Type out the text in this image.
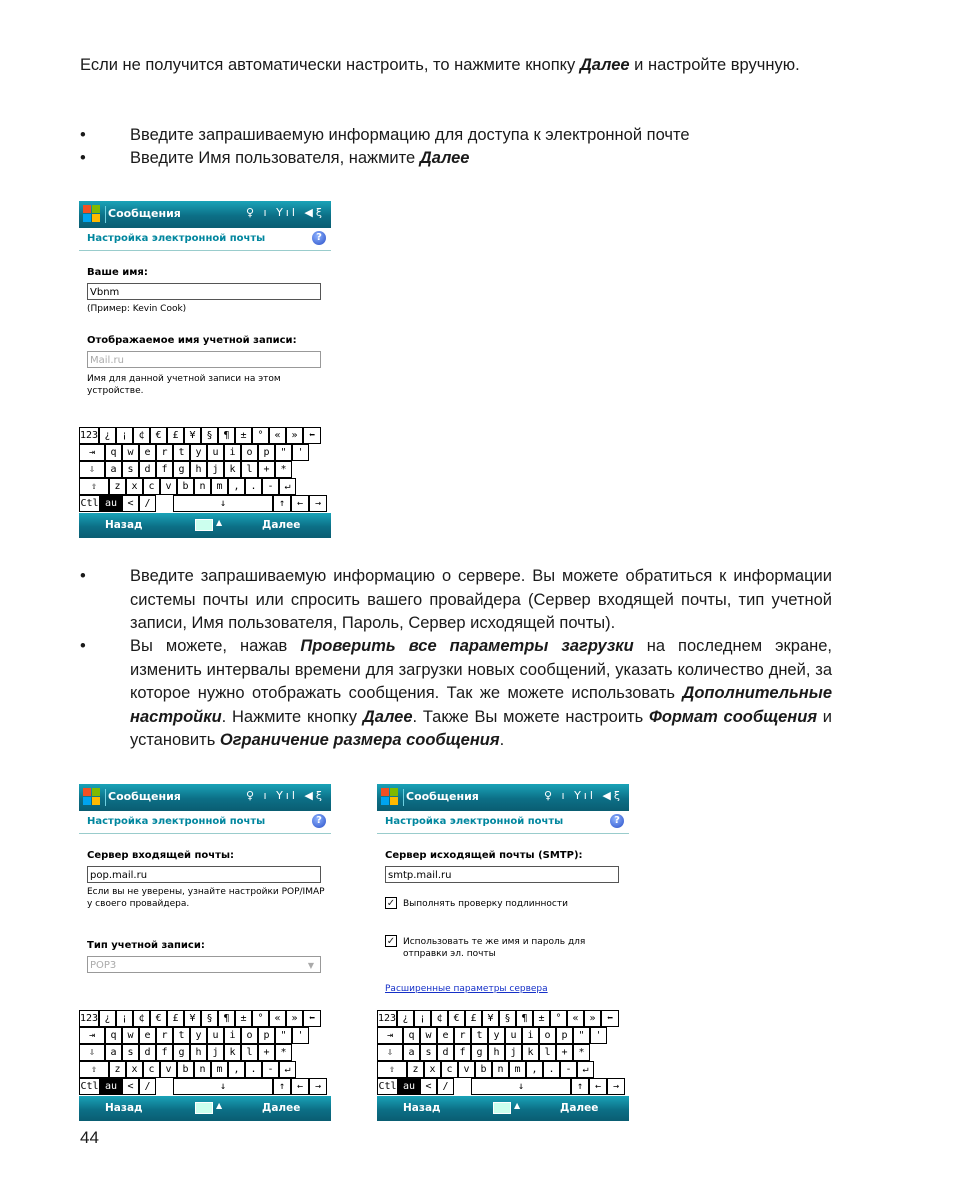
Если не получится автоматически настроить, то нажмите кнопку Далее и настройте вручную.
•	Введите запрашиваемую информацию для доступа к электронной почте
•	Введите Имя пользователя, нажмите Далее
Сообщения	♀ ı Yıl ◀ξ
Настройка электронной почты	?
Ваше имя:
Vbnm
(Пример: Kevin Cook)
Отображаемое имя учетной записи:
Mail.ru
Имя для данной учетной записи на этом устройстве.
123 ¿	¡	¢	€	£	¥	§	¶	±	°	«	»	⬅
⇥	q	w	e	r	t	y	u	i	o	p	"	'
⇩	a	s	d	f	g	h	j	k	l	+	*
⇧	z	x	c	v	b	n	m	,	.	-	↵
Ctl au	<	/	↓	↑	←	→
Назад	▲	Далее
•	Введите запрашиваемую информацию о сервере. Вы можете обратиться к информации системы почты или спросить вашего провайдера (Сервер входящей почты, тип учетной записи, Имя пользователя, Пароль, Сервер исходящей почты).
•	Вы можете, нажав Проверить все параметры загрузки на последнем экране, изменить интервалы времени для загрузки новых сообщений, указать количество дней, за которое нужно отображать сообщения. Так же можете использовать Дополнительные настройки. Нажмите кнопку Далее. Также Вы можете настроить Формат сообщения и установить Ограничение размера сообщения.
Сообщения	♀ ı Yıl ◀ξ
Настройка электронной почты	?
Сервер входящей почты:
pop.mail.ru
Если вы не уверены, узнайте настройки POP/IMAP у своего провайдера.
Тип учетной записи:
POP3	▼
123 ¿	¡	¢	€	£	¥	§	¶	±	°	«	»	⬅
⇥	q	w	e	r	t	y	u	i	o	p	"	'
⇩	a	s	d	f	g	h	j	k	l	+	*
⇧	z	x	c	v	b	n	m	,	.	-	↵
Ctl au	<	/	↓	↑	←	→
Назад	▲	Далее
Сообщения	♀ ı Yıl ◀ξ
Настройка электронной почты	?
Сервер исходящей почты (SMTP):
smtp.mail.ru
✓ Выполнять проверку подлинности
✓ Использовать те же имя и пароль для отправки эл. почты
Расширенные параметры сервера
123 ¿	¡	¢	€	£	¥	§	¶	±	°	«	»	⬅
⇥	q	w	e	r	t	y	u	i	o	p	"	'
⇩	a	s	d	f	g	h	j	k	l	+	*
⇧	z	x	c	v	b	n	m	,	.	-	↵
Ctl au	<	/	↓	↑	←	→
Назад	▲	Далее
44
